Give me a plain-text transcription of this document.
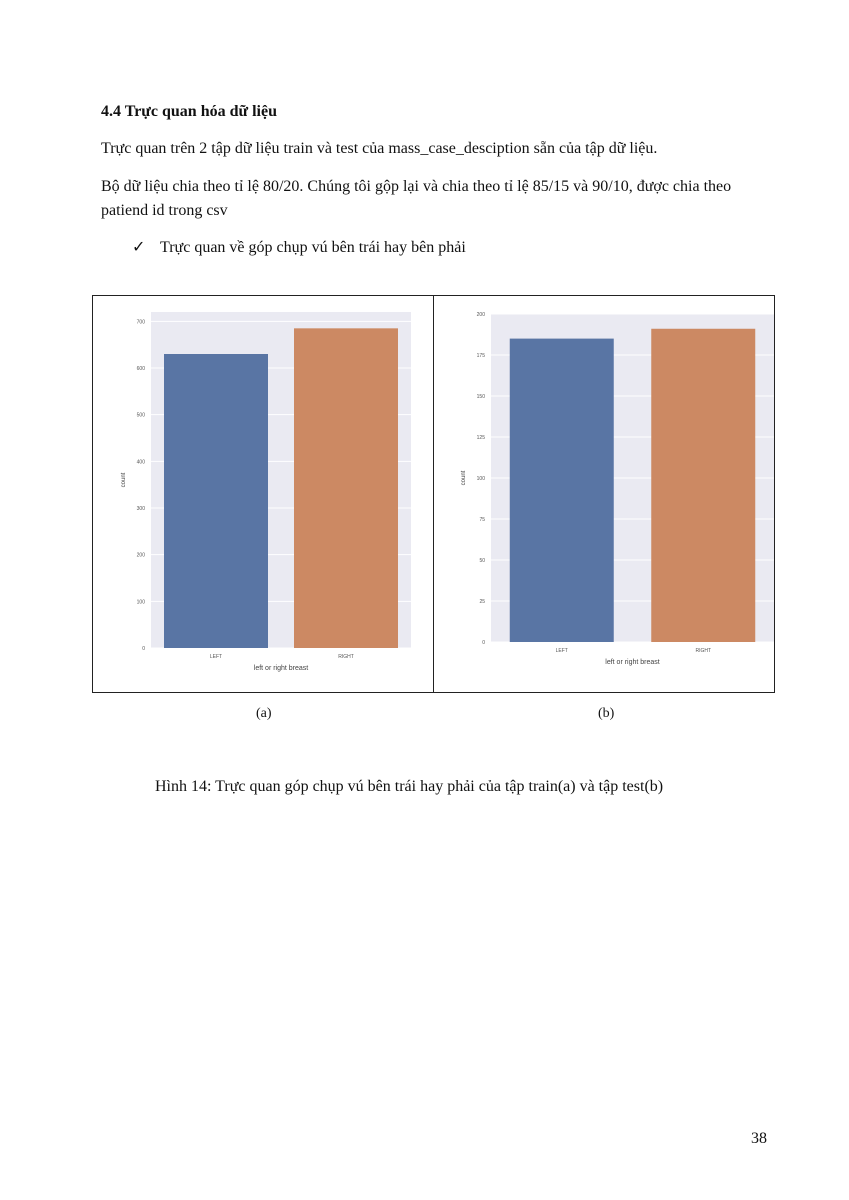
4.4 Trực quan hóa dữ liệu
Trực quan trên 2 tập dữ liệu train và test của mass_case_desciption sẵn của tập dữ liệu.
Bộ dữ liệu chia theo tỉ lệ 80/20. Chúng tôi gộp lại và chia theo tỉ lệ 85/15 và 90/10, được chia theo patiend id trong csv
✓ Trực quan về góp chụp vú bên trái hay bên phải
0
100
200
300
400
500
600
700
LEFT	RIGHT
left or right breast
count
0
25
50
75
100
125
150
175
200
LEFT	RIGHT
left or right breast
count
(a)	(b)
Hình 14: Trực quan góp chụp vú bên trái hay phải của tập train(a) và tập test(b)
38
